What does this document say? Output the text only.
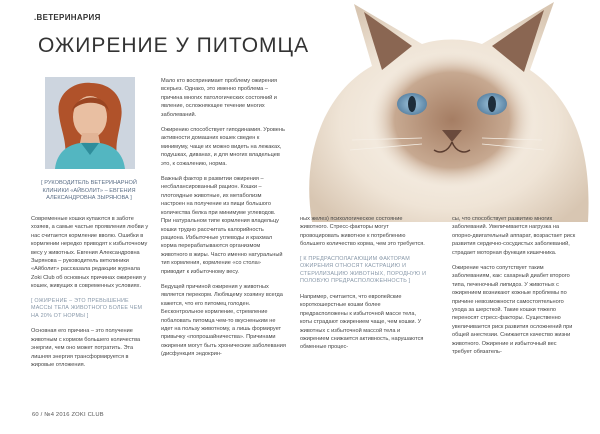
.ВЕТЕРИНАРИЯ
ОЖИРЕНИЕ У ПИТОМЦА
[ РУКОВОДИТЕЛЬ ВЕТЕРИНАРНОЙ КЛИНИКИ «АЙБОЛИТ» – ЕВГЕНИЯ АЛЕКСАНДРОВНА ЗЫРЯНОВА ]

Современные кошки купаются в заботе хозяев, а самые частые проявления любви у нас считается кормление вволю. Ошибки в кормлении нередко приводят к избыточному весу у животных. Евгения Александровна Зырянова – руководитель ветклиники «Айболит» рассказала редакции журнала Zoki Club об основных причинах ожирения у кошек, живущих в современных условиях.

[ ОЖИРЕНИЕ – ЭТО ПРЕВЫШЕНИЕ МАССЫ ТЕЛА ЖИВОТНОГО БОЛЕЕ ЧЕМ НА 20% ОТ НОРМЫ ]

Основная его причина – это получение животным с кормом большего количества энергии, чем оно может потратить. Эта лишняя энергия трансформируется в жировые отложения.

Мало кто воспринимает проблему ожирения всерьез. Однако, это именно проблема – причина многих патологических состояний и явление, осложняющее течение многих заболеваний.

Ожирению способствует гиподинамия. Уровень активности домашних кошек сведен к минимуму, чаще их можно видеть на лежаках, подушках, диванах, и для многих владельцев это, к сожалению, норма.

Важный фактор в развитии ожирения – несбалансированный рацион. Кошки – плотоядные животные, их метаболизм настроен на получение из пищи большого количества белка при минимуме углеводов. При натуральном типе кормления владельцу кошки трудно рассчитать калорийность рациона. Избыточные углеводы и крахмал корма перерабатываются организмом животного в жиры. Часто именно натуральный тип кормления, кормление «со стола» приводит к избыточному весу.

Ведущей причиной ожирения у животных является перекорм. Любящему хозяину всегда кажется, что его питомец голоден. Бесконтрольное кормление, стремление побаловать питомца чем-то вкусненьким не идет на пользу животному, а лишь формирует привычку «попрошайничества». Причинами ожирения могут быть хронические заболевания (дисфункция эндокрин-

ных желез) психологическое состояние животного. Стресс-факторы могут провоцировать животное к потреблению большего количество корма, чем это требуется.

[ К ПРЕДРАСПОЛАГАЮЩИМ ФАКТОРАМ ОЖИРЕНИЯ ОТНОСЯТ КАСТРАЦИЮ И СТЕРИЛИЗАЦИЮ ЖИВОТНЫХ, ПОРОДНУЮ И ПОЛОВУЮ ПРЕДРАСПОЛОЖЕННОСТЬ ]

Например, считается, что европейские короткошерстные кошки более предрасположены к избыточной массе тела, коты страдают ожирением чаще, чем кошки. У животных с избыточной массой тела и ожирением снижается активность, нарушаются обменные процес-

сы, что способствует развитию многих заболеваний. Увеличивается нагрузка на опорно-двигательный аппарат, возрастает риск развития сердечно-сосудистых заболеваний, страдает моторная функция кишечника.

Ожирение часто сопутствует таким заболеваниям, как: сахарный диабет второго типа, печеночный липидоз. У животных с ожирением возникают кожные проблемы по причине невозможности самостоятельного ухода за шерсткой. Такие кошки тяжело переносят стресс-факторы. Существенно увеличивается риск развития осложнений при общей анестезии. Снижается качество жизни животного. Ожирение и избыточный вес требует обязатель-

60 / №4 2016 ZOKI CLUB
